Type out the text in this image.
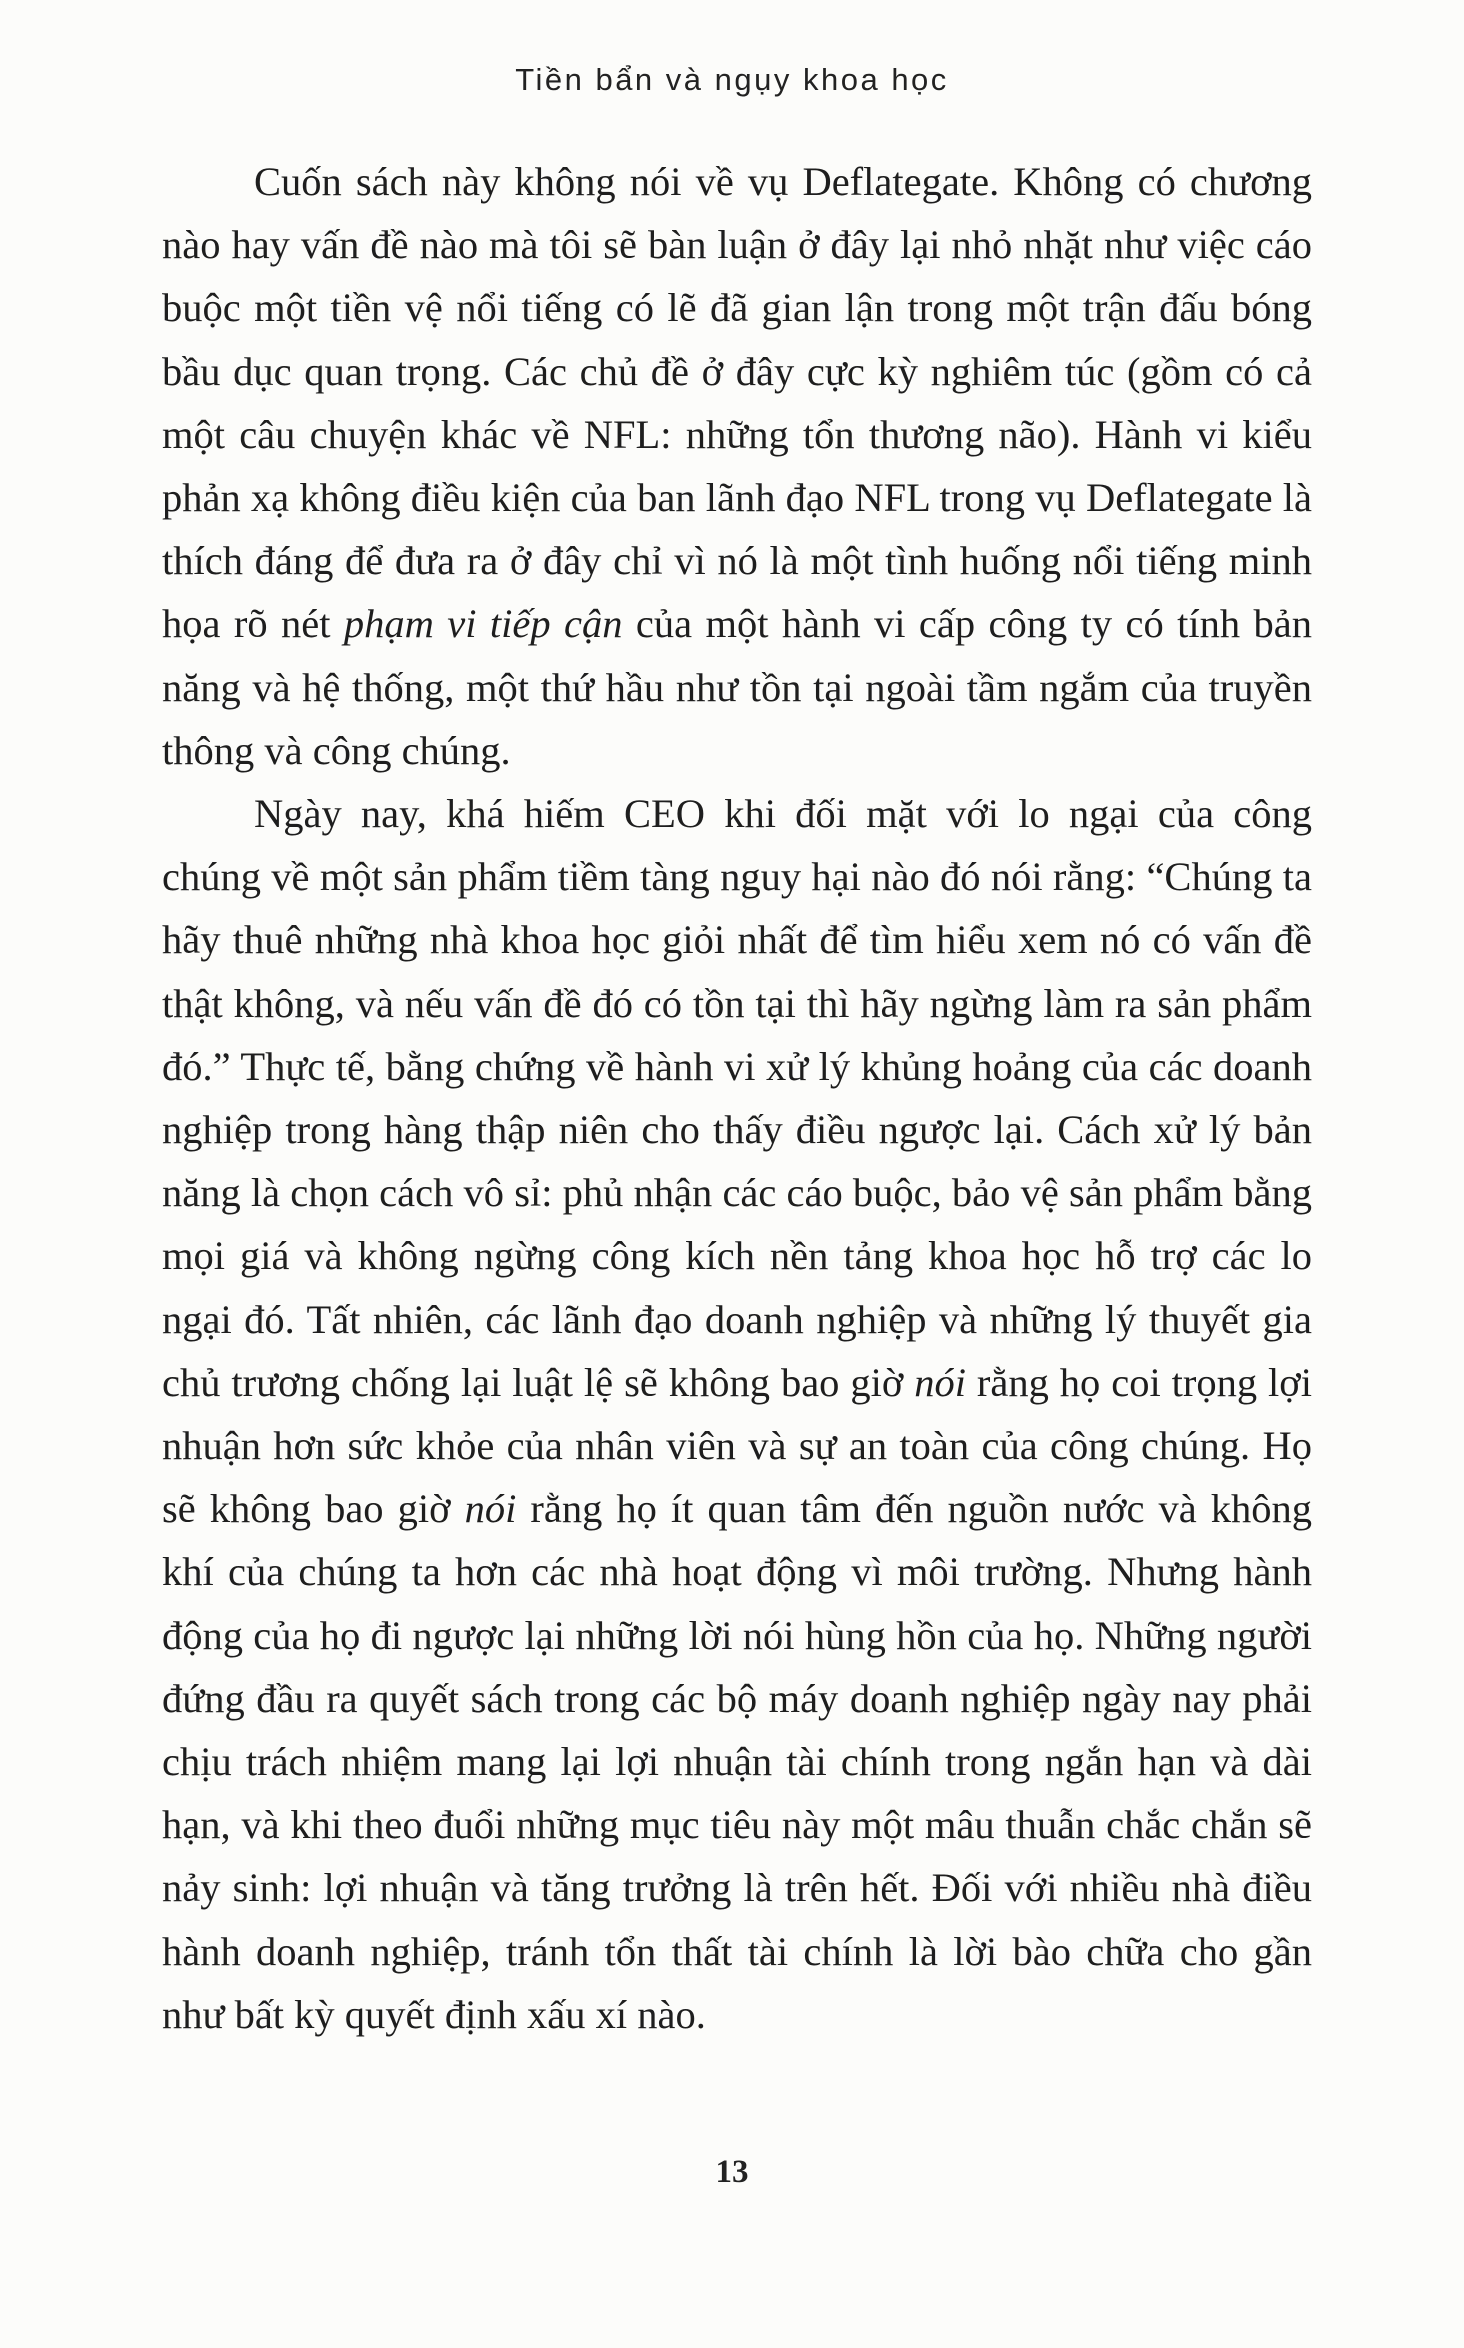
Tiền bẩn và ngụy khoa học

Cuốn sách này không nói về vụ Deflategate. Không có chương nào hay vấn đề nào mà tôi sẽ bàn luận ở đây lại nhỏ nhặt như việc cáo buộc một tiền vệ nổi tiếng có lẽ đã gian lận trong một trận đấu bóng bầu dục quan trọng. Các chủ đề ở đây cực kỳ nghiêm túc (gồm có cả một câu chuyện khác về NFL: những tổn thương não). Hành vi kiểu phản xạ không điều kiện của ban lãnh đạo NFL trong vụ Deflategate là thích đáng để đưa ra ở đây chỉ vì nó là một tình huống nổi tiếng minh họa rõ nét phạm vi tiếp cận của một hành vi cấp công ty có tính bản năng và hệ thống, một thứ hầu như tồn tại ngoài tầm ngắm của truyền thông và công chúng.

Ngày nay, khá hiếm CEO khi đối mặt với lo ngại của công chúng về một sản phẩm tiềm tàng nguy hại nào đó nói rằng: “Chúng ta hãy thuê những nhà khoa học giỏi nhất để tìm hiểu xem nó có vấn đề thật không, và nếu vấn đề đó có tồn tại thì hãy ngừng làm ra sản phẩm đó.” Thực tế, bằng chứng về hành vi xử lý khủng hoảng của các doanh nghiệp trong hàng thập niên cho thấy điều ngược lại. Cách xử lý bản năng là chọn cách vô sỉ: phủ nhận các cáo buộc, bảo vệ sản phẩm bằng mọi giá và không ngừng công kích nền tảng khoa học hỗ trợ các lo ngại đó. Tất nhiên, các lãnh đạo doanh nghiệp và những lý thuyết gia chủ trương chống lại luật lệ sẽ không bao giờ nói rằng họ coi trọng lợi nhuận hơn sức khỏe của nhân viên và sự an toàn của công chúng. Họ sẽ không bao giờ nói rằng họ ít quan tâm đến nguồn nước và không khí của chúng ta hơn các nhà hoạt động vì môi trường. Nhưng hành động của họ đi ngược lại những lời nói hùng hồn của họ. Những người đứng đầu ra quyết sách trong các bộ máy doanh nghiệp ngày nay phải chịu trách nhiệm mang lại lợi nhuận tài chính trong ngắn hạn và dài hạn, và khi theo đuổi những mục tiêu này một mâu thuẫn chắc chắn sẽ nảy sinh: lợi nhuận và tăng trưởng là trên hết. Đối với nhiều nhà điều hành doanh nghiệp, tránh tổn thất tài chính là lời bào chữa cho gần như bất kỳ quyết định xấu xí nào.

13
